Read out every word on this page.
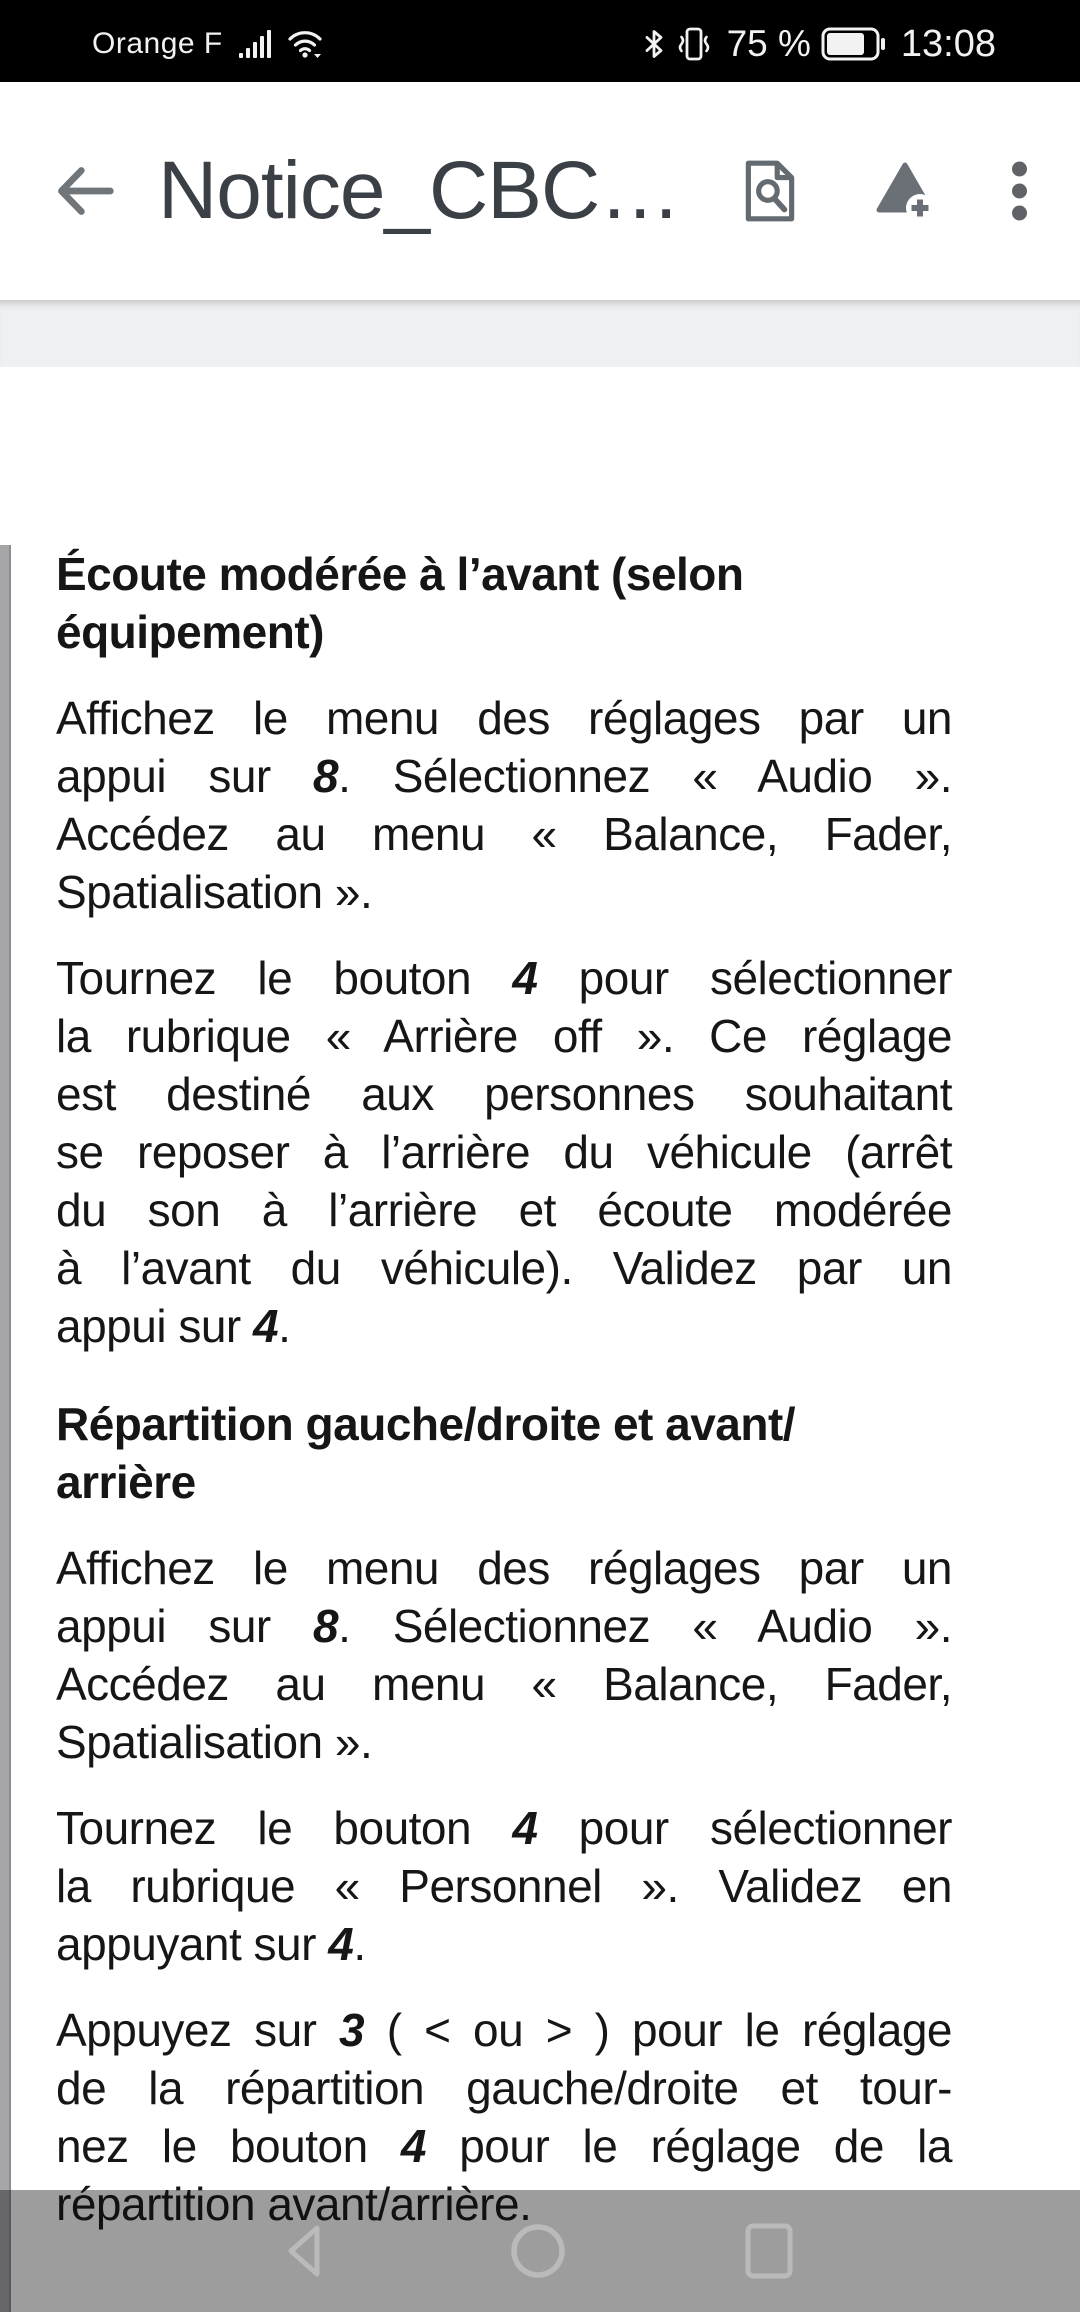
Orange F	75 % 13:08
Notice_CBC…
Écoute modérée à l’avant (selon
équipement)
Affichez le menu des réglages par un
appui sur 8. Sélectionnez « Audio ».
Accédez au menu « Balance, Fader,
Spatialisation ».
Tournez le bouton 4 pour sélectionner
la rubrique « Arrière off ». Ce réglage
est destiné aux personnes souhaitant
se reposer à l’arrière du véhicule (arrêt
du son à l’arrière et écoute modérée
à l’avant du véhicule). Validez par un
appui sur 4.
Répartition gauche/droite et avant/
arrière
Affichez le menu des réglages par un
appui sur 8. Sélectionnez « Audio ».
Accédez au menu « Balance, Fader,
Spatialisation ».
Tournez le bouton 4 pour sélectionner
la rubrique « Personnel ». Validez en
appuyant sur 4.
Appuyez sur 3 ( < ou > ) pour le réglage
de la répartition gauche/droite et tour-
nez le bouton 4 pour le réglage de la
répartition avant/arrière.
